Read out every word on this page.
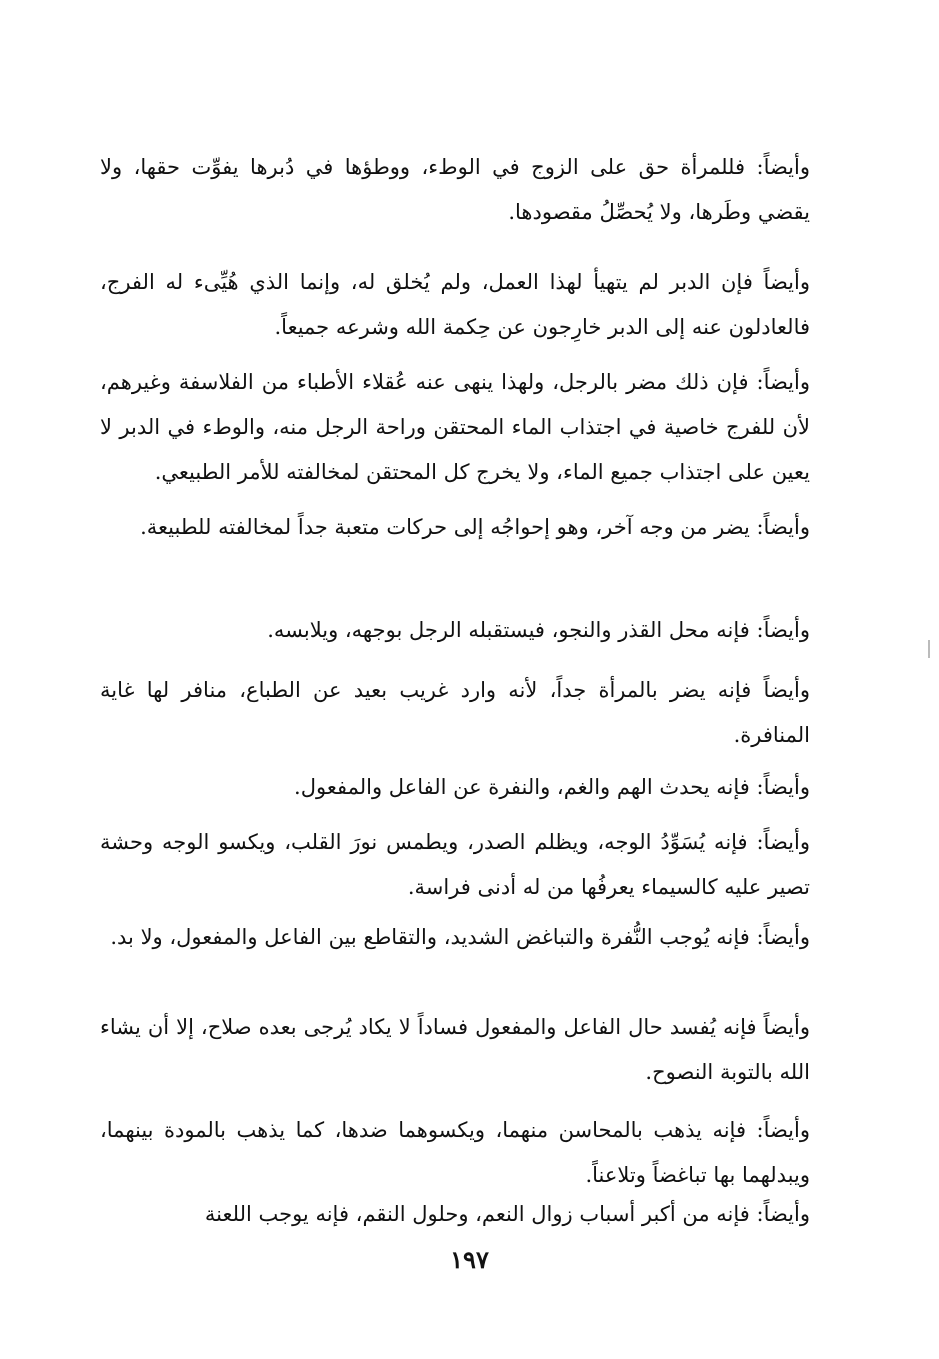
وأيضاً: فللمرأة حق على الزوج في الوطء، ووطؤها في دُبرها يفوِّت حقها، ولا يقضي وطَرها، ولا يُحصِّلُ مقصودها.

وأيضاً فإن الدبر لم يتهيأ لهذا العمل، ولم يُخلق له، وإنما الذي هُيِّىء له الفرج، فالعادلون عنه إلى الدبر خارِجون عن حِكمة الله وشرعه جميعاً.

وأيضاً: فإن ذلك مضر بالرجل، ولهذا ينهى عنه عُقلاء الأطباء من الفلاسفة وغيرهم، لأن للفرج خاصية في اجتذاب الماء المحتقن وراحة الرجل منه، والوطء في الدبر لا يعين على اجتذاب جميع الماء، ولا يخرج كل المحتقن لمخالفته للأمر الطبيعي.

وأيضاً: يضر من وجه آخر، وهو إحواجُه إلى حركات متعبة جداً لمخالفته للطبيعة.

وأيضاً: فإنه محل القذر والنجو، فيستقبله الرجل بوجهه، ويلابسه.

وأيضاً فإنه يضر بالمرأة جداً، لأنه وارد غريب بعيد عن الطباع، منافر لها غاية المنافرة.

وأيضاً: فإنه يحدث الهم والغم، والنفرة عن الفاعل والمفعول.

وأيضاً: فإنه يُسَوِّدُ الوجه، ويظلم الصدر، ويطمس نورَ القلب، ويكسو الوجه وحشة تصير عليه كالسيماء يعرفُها من له أدنى فراسة.

وأيضاً: فإنه يُوجب النُّفرة والتباغض الشديد، والتقاطع بين الفاعل والمفعول، ولا بد.

وأيضاً فإنه يُفسد حال الفاعل والمفعول فساداً لا يكاد يُرجى بعده صلاح، إلا أن يشاء الله بالتوبة النصوح.

وأيضاً: فإنه يذهب بالمحاسن منهما، ويكسوهما ضدها، كما يذهب بالمودة بينهما، ويبدلهما بها تباغضاً وتلاعناً.

وأيضاً: فإنه من أكبر أسباب زوال النعم، وحلول النقم، فإنه يوجب اللعنة

١٩٧
